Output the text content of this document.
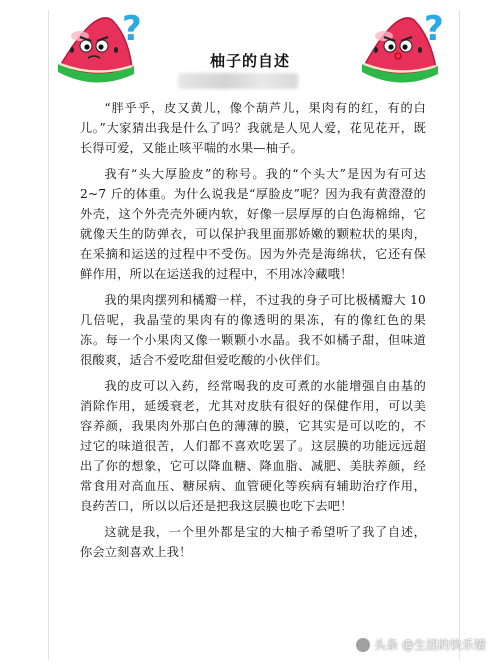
?	?
柚子的自述

“胖乎乎，皮又黄儿，像个葫芦儿，果肉有的红，有的白儿。”大家猜出我是什么了吗？我就是人见人爱，花见花开，既长得可爱，又能止咳平喘的水果—柚子。

我有“头大厚脸皮”的称号。我的“个头大”是因为有可达 2~7 斤的体重。为什么说我是“厚脸皮”呢？因为我有黄澄澄的外壳，这个外壳壳外硬内软，好像一层厚厚的白色海棉绵，它就像天生的防弹衣，可以保护我里面那娇嫩的颗粒状的果肉，在采摘和运送的过程中不受伤。因为外壳是海绵状，它还有保鲜作用，所以在运送我的过程中，不用冰冷藏哦！

我的果肉摆列和橘瓣一样，不过我的身子可比极橘瓣大 10 几倍呢，我晶莹的果肉有的像透明的果冻，有的像红色的果冻。每一个小果肉又像一颗颗小水晶。我不如橘子甜，但味道很酸爽，适合不爱吃甜但爱吃酸的小伙伴们。

我的皮可以入药，经常喝我的皮可煮的水能增强自由基的消除作用，延缓衰老，尤其对皮肤有很好的保健作用，可以美容养颜，我果肉外那白色的薄薄的膜，它其实是可以吃的，不过它的味道很苦，人们都不喜欢吃罢了。这层膜的功能远远超出了你的想象，它可以降血糖、降血脂、减肥、美肤养颜，经常食用对高血压、糖尿病、血管硬化等疾病有辅助治疗作用，良药苦口，所以以后还是把我这层膜也吃下去吧！

这就是我，一个里外都是宝的大柚子希望听了我了自述，你会立刻喜欢上我！

头条 @生活的快乐错
